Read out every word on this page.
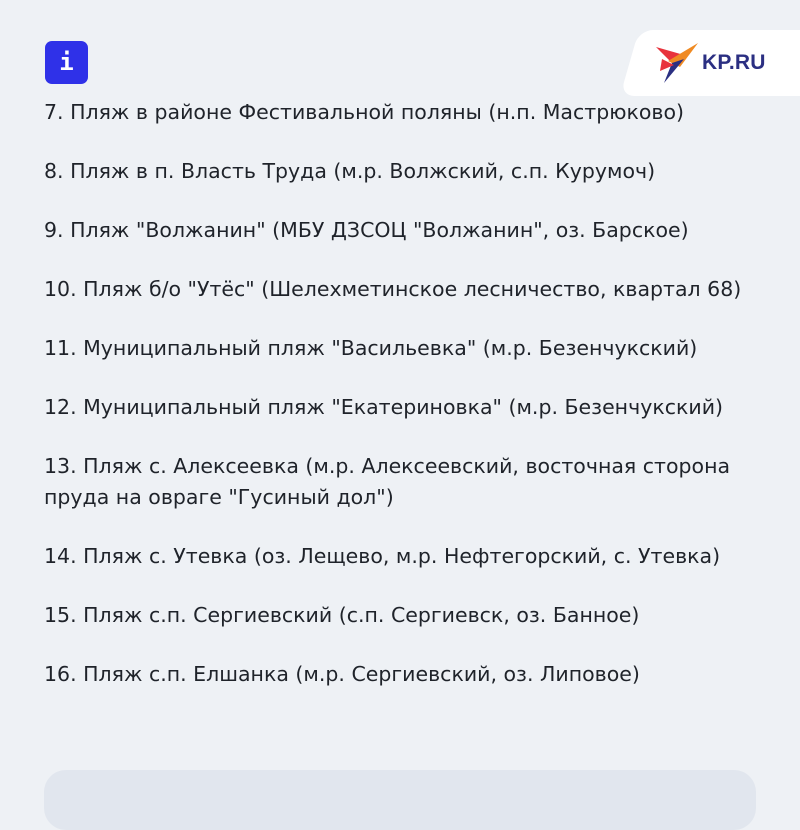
i	KP.RU
7. Пляж в районе Фестивальной поляны (н.п. Мастрюково)
8. Пляж в п. Власть Труда (м.р. Волжский, с.п. Курумоч)
9. Пляж "Волжанин" (МБУ ДЗСОЦ "Волжанин", оз. Барское)
10. Пляж б/о "Утёс" (Шелехметинское лесничество, квартал 68)
11. Муниципальный пляж "Васильевка" (м.р. Безенчукский)
12. Муниципальный пляж "Екатериновка" (м.р. Безенчукский)
13. Пляж с. Алексеевка (м.р. Алексеевский, восточная сторона пруда на овраге "Гусиный дол")
14. Пляж с. Утевка (оз. Лещево, м.р. Нефтегорский, с. Утевка)
15. Пляж с.п. Сергиевский (с.п. Сергиевск, оз. Банное)
16. Пляж с.п. Елшанка (м.р. Сергиевский, оз. Липовое)
